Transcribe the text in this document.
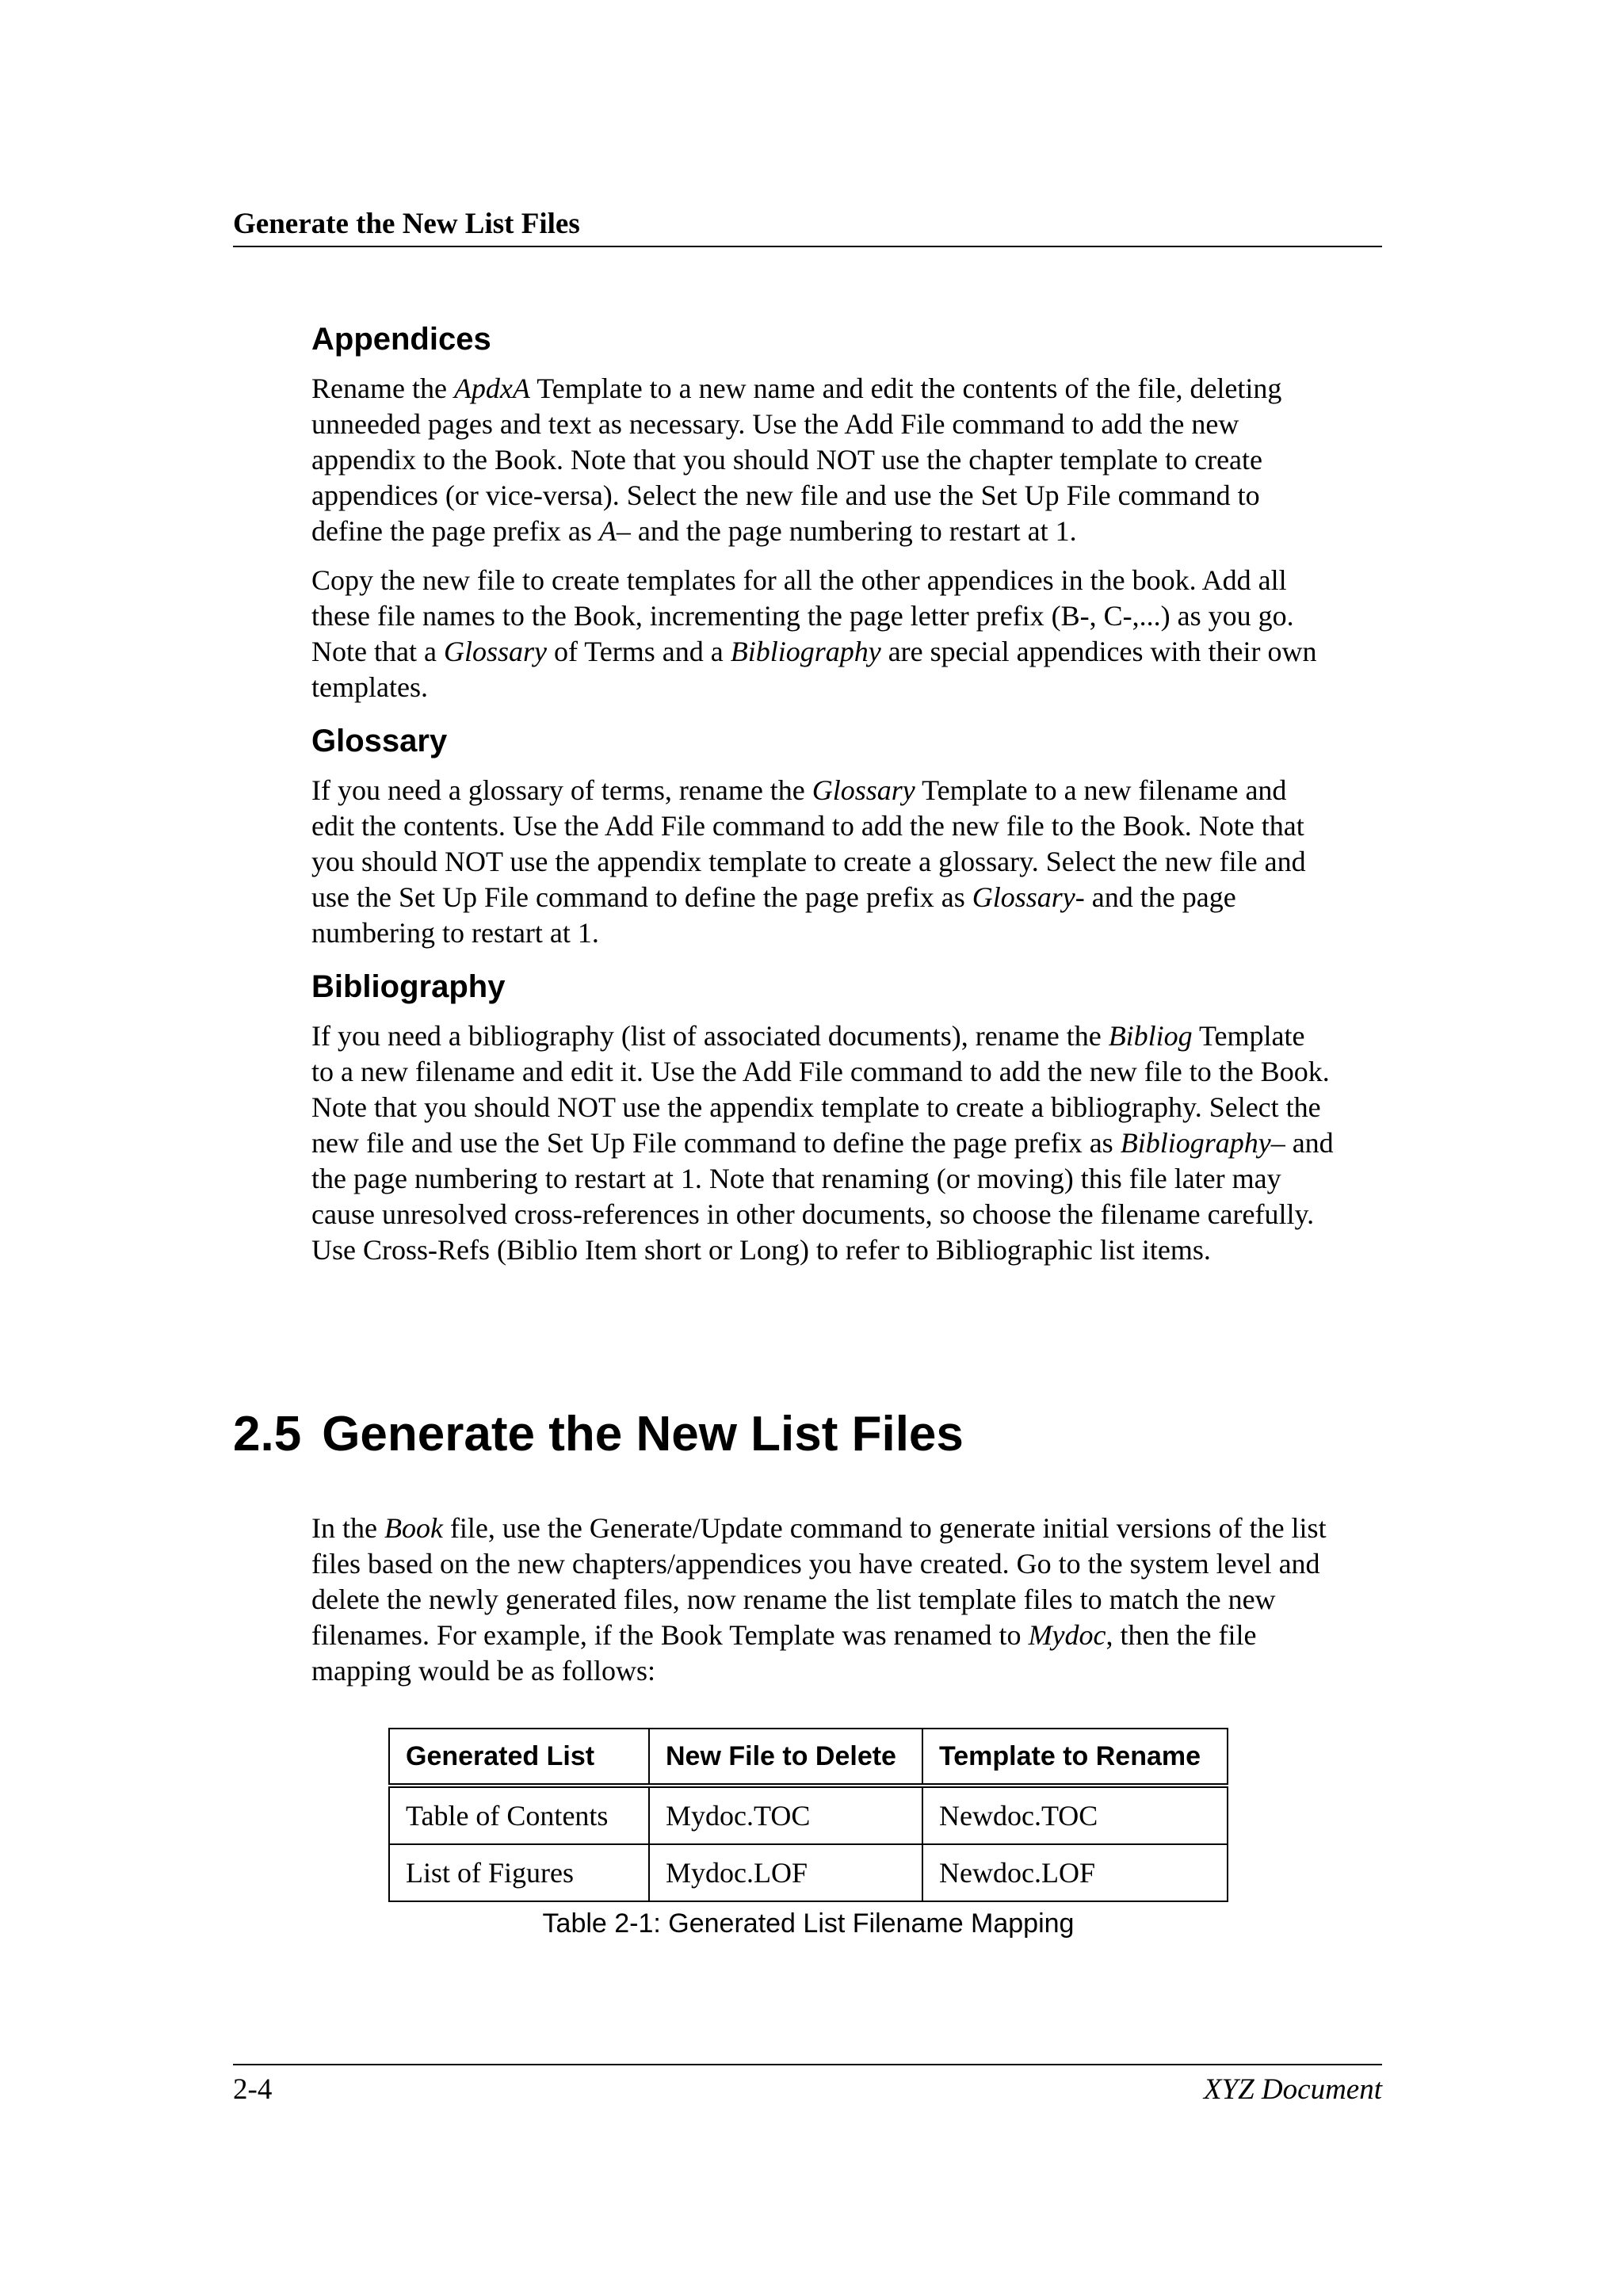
Generate the New List Files
Appendices

Rename the ApdxA Template to a new name and edit the contents of the file, deleting unneeded pages and text as necessary. Use the Add File command to add the new appendix to the Book. Note that you should NOT use the chapter template to create appendices (or vice-versa). Select the new file and use the Set Up File command to define the page prefix as A– and the page numbering to restart at 1.

Copy the new file to create templates for all the other appendices in the book. Add all these file names to the Book, incrementing the page letter prefix (B-, C-,...) as you go. Note that a Glossary of Terms and a Bibliography are special appendices with their own templates.

Glossary

If you need a glossary of terms, rename the Glossary Template to a new filename and edit the contents. Use the Add File command to add the new file to the Book. Note that you should NOT use the appendix template to create a glossary. Select the new file and use the Set Up File command to define the page prefix as Glossary- and the page numbering to restart at 1.

Bibliography

If you need a bibliography (list of associated documents), rename the Bibliog Template to a new filename and edit it. Use the Add File command to add the new file to the Book. Note that you should NOT use the appendix template to create a bibliography. Select the new file and use the Set Up File command to define the page prefix as Bibliography– and the page numbering to restart at 1. Note that renaming (or moving) this file later may cause unresolved cross-references in other documents, so choose the filename carefully. Use Cross-Refs (Biblio Item short or Long) to refer to Bibliographic list items.

2.5 Generate the New List Files

In the Book file, use the Generate/Update command to generate initial versions of the list files based on the new chapters/appendices you have created. Go to the system level and delete the newly generated files, now rename the list template files to match the new filenames. For example, if the Book Template was renamed to Mydoc, then the file mapping would be as follows:

Generated List	New File to Delete	Template to Rename
Table of Contents	Mydoc.TOC	Newdoc.TOC
List of Figures	Mydoc.LOF	Newdoc.LOF
Table 2-1: Generated List Filename Mapping
2-4	XYZ Document
